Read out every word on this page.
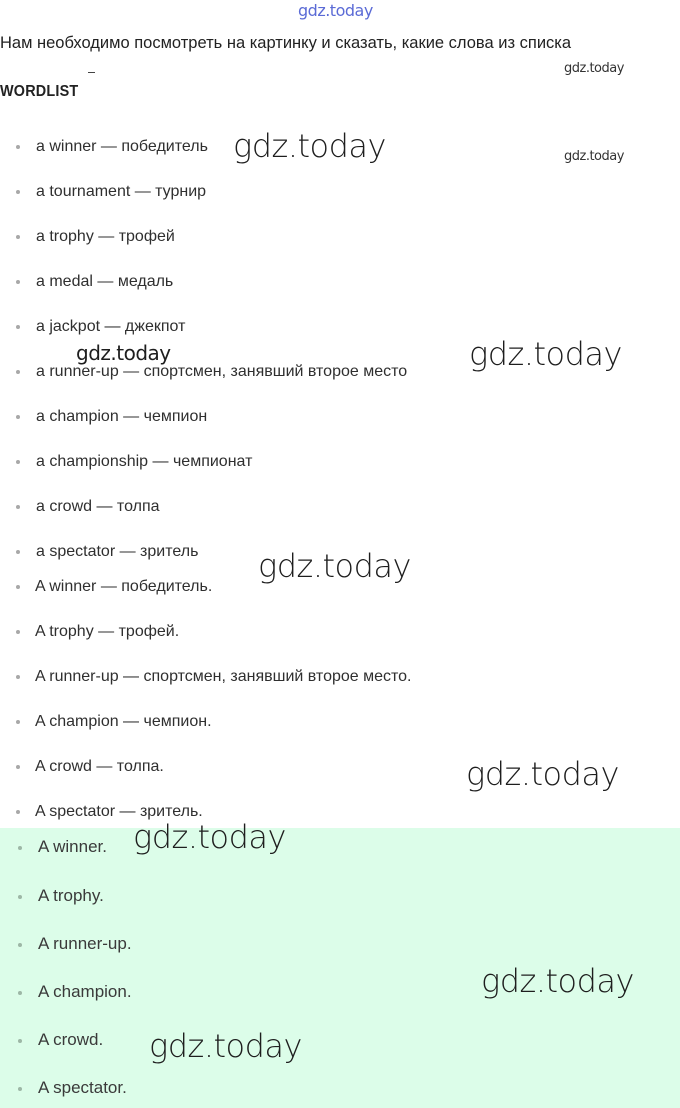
gdz.today
Нам необходимо посмотреть на картинку и сказать, какие слова из списка
WORDLIST
a winner — победитель
a tournament — турнир
a trophy — трофей
a medal — медаль
a jackpot — джекпот
a runner-up — спортсмен, занявший второе место
a champion — чемпион
a championship — чемпионат
a crowd — толпа
a spectator — зритель
A winner — победитель.
A trophy — трофей.
A runner-up — спортсмен, занявший второе место.
A champion — чемпион.
A crowd — толпа.
A spectator — зритель.
A winner.
A trophy.
A runner-up.
A champion.
A crowd.
A spectator.
gdz.today
gdz.today	gdz.today
gdz.today	gdz.today
gdz.today
gdz.today
gdz.today
gdz.today
gdz.today
